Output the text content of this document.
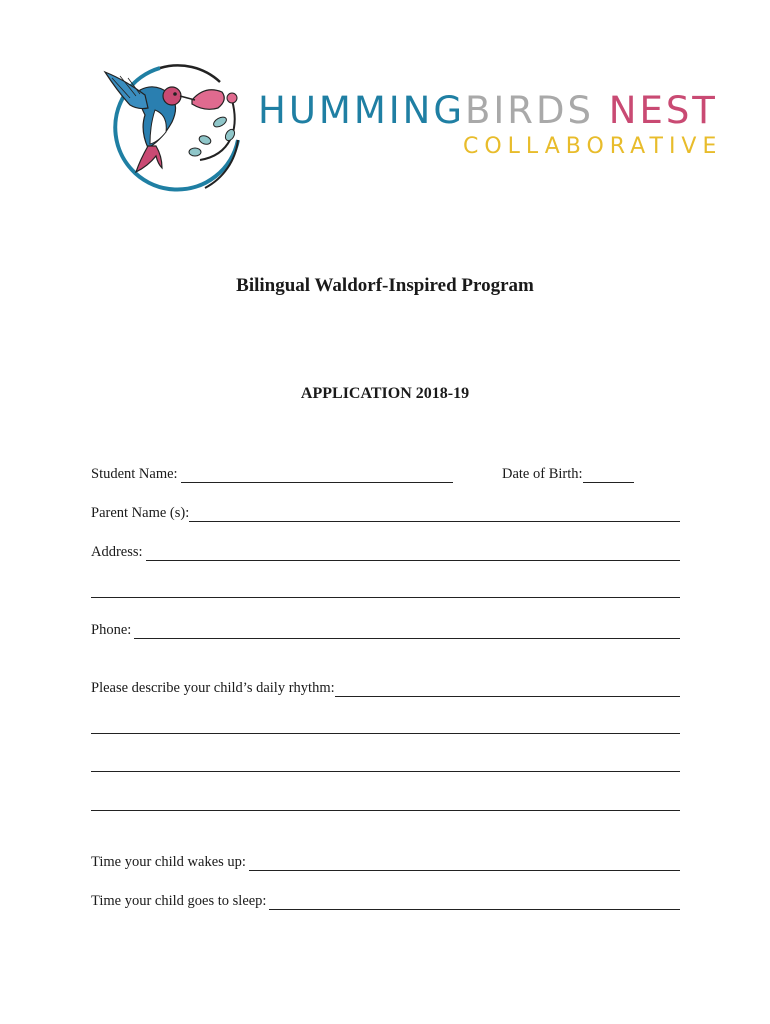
HUMMINGBIRDS NEST
COLLABORATIVE
Bilingual Waldorf-Inspired Program
APPLICATION 2018-19
Student Name:	Date of Birth:
Parent Name (s):
Address:
Phone:
Please describe your child’s daily rhythm:
Time your child wakes up:
Time your child goes to sleep:
